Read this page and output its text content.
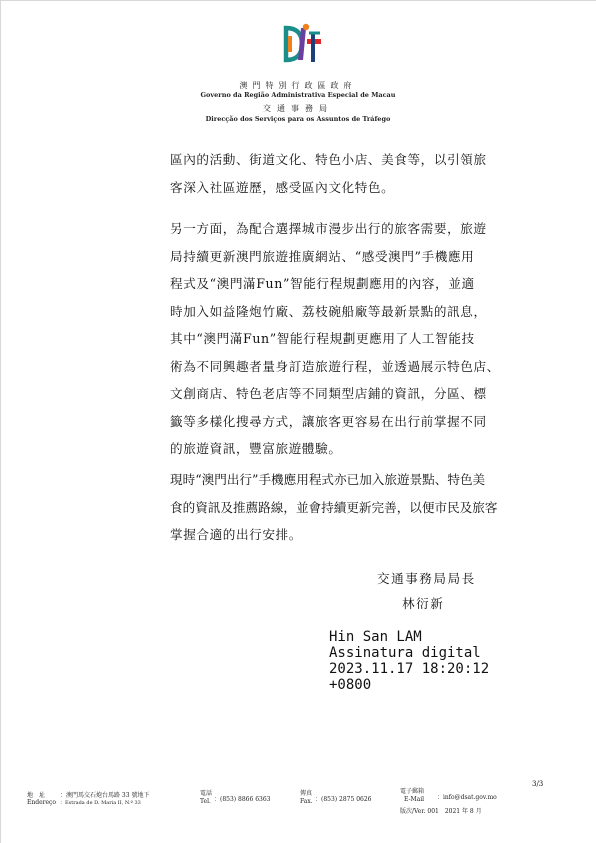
澳門特別行政區政府
Governo da Região Administrativa Especial de Macau
交通事務局
Direcção dos Serviços para os Assuntos de Tráfego
區內的活動、街道文化、特色小店、美食等，以引領旅
客深入社區遊歷，感受區內文化特色。
另一方面，為配合選擇城市漫步出行的旅客需要，旅遊
局持續更新澳門旅遊推廣網站、“感受澳門”手機應用
程式及“澳門滿Fun”智能行程規劃應用的內容，並適
時加入如益隆炮竹廠、荔枝碗船廠等最新景點的訊息，
其中“澳門滿Fun”智能行程規劃更應用了人工智能技
術為不同興趣者量身訂造旅遊行程，並透過展示特色店、
文創商店、特色老店等不同類型店鋪的資訊，分區、標
籤等多樣化搜尋方式，讓旅客更容易在出行前掌握不同
的旅遊資訊，豐富旅遊體驗。
現時“澳門出行”手機應用程式亦已加入旅遊景點、特色美
食的資訊及推薦路線，並會持續更新完善，以便市民及旅客
掌握合適的出行安排。
交通事務局局長
林衍新
Hin San LAM
Assinatura digital
2023.11.17 18:20:12
+0800
3/3
地　址
Endereço
：澳門馬交石炮台馬路 33 號地下
：Estrada de D. Maria II, N.º 33
電話
Tel. ：(853) 8866 6363
傳真
Fax. ：(853) 2875 0626
電子郵箱
E-Mail ：info@dsat.gov.mo
版次/Ver. 001　2021 年 8 月
